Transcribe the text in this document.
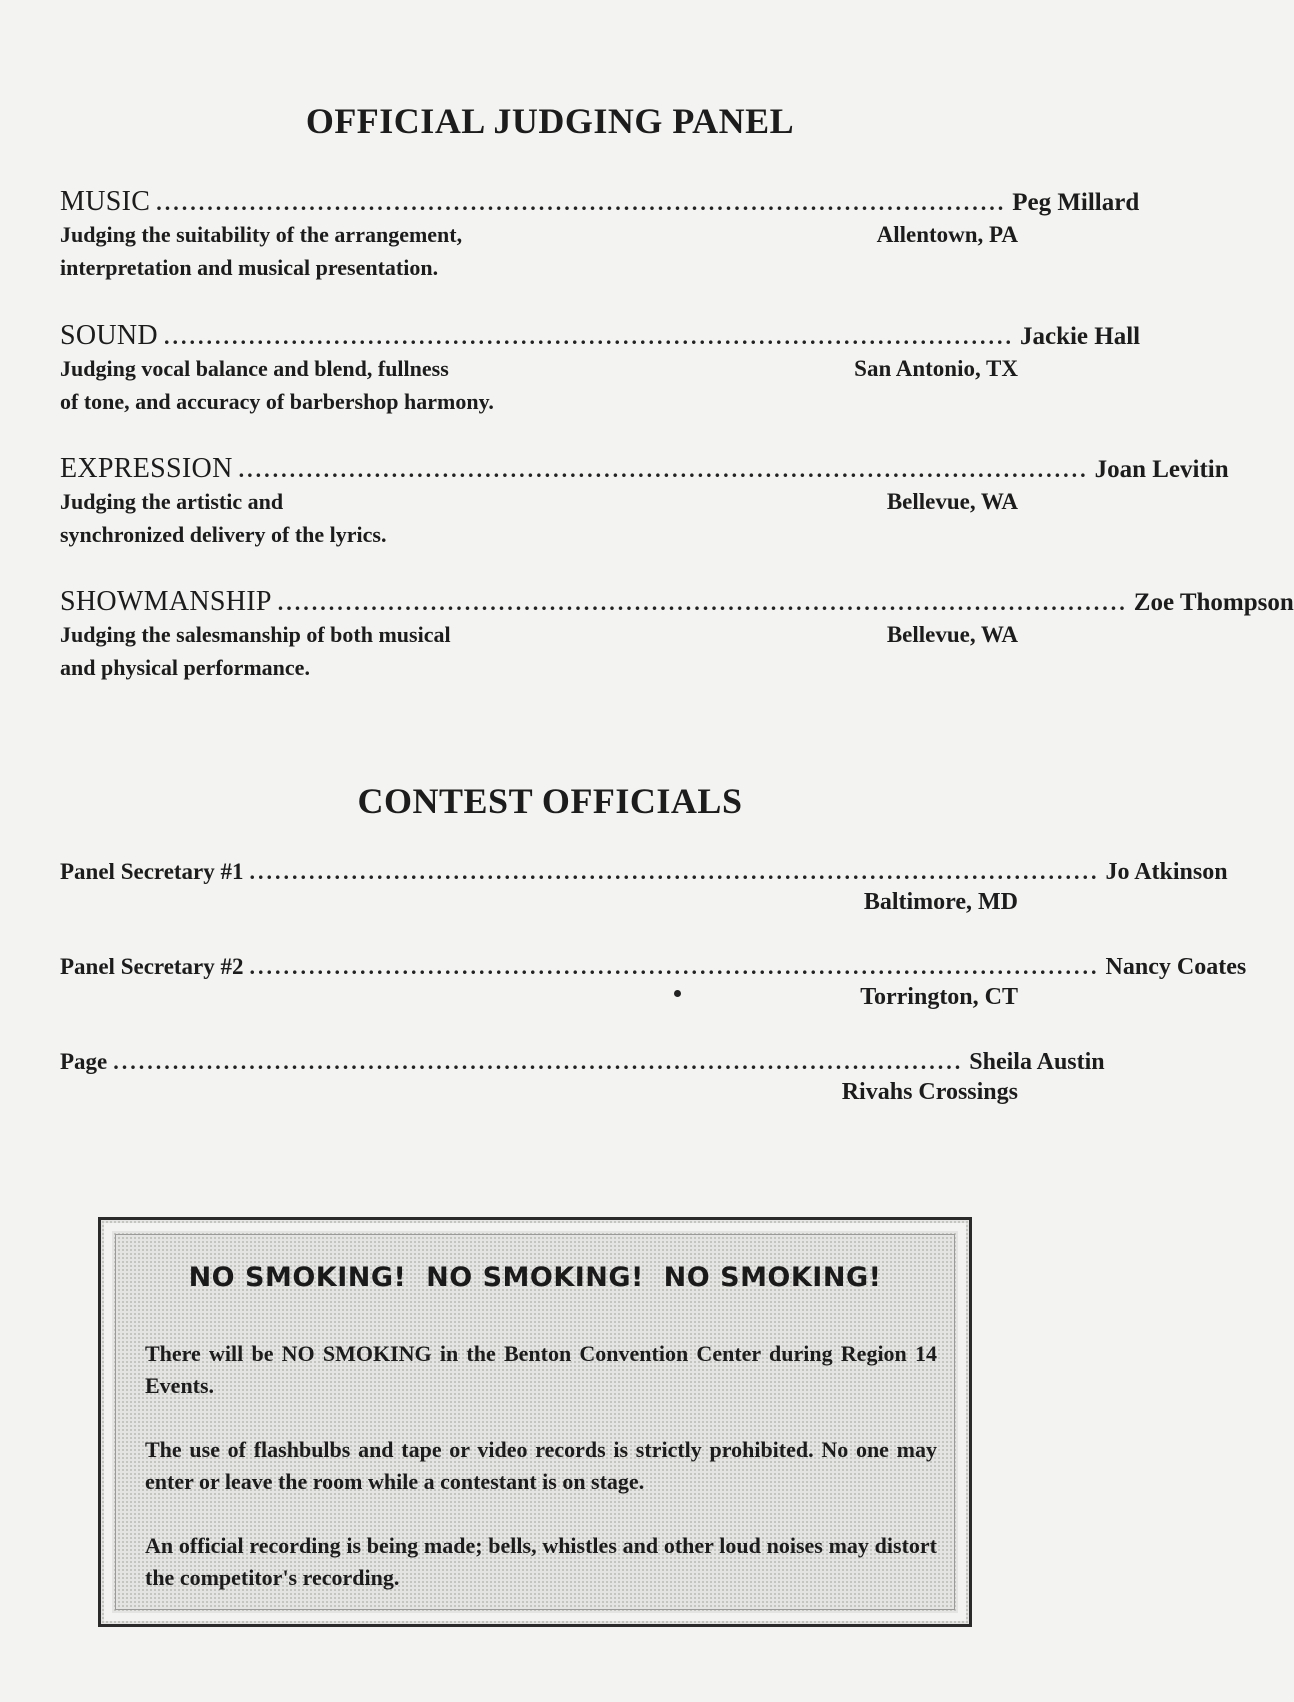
OFFICIAL JUDGING PANEL
MUSIC .................................................................................................... Peg Millard
Judging the suitability of the arrangement,
interpretation and musical presentation.
Allentown, PA
SOUND .................................................................................................... Jackie Hall
Judging vocal balance and blend, fullness
of tone, and accuracy of barbershop harmony.
San Antonio, TX
EXPRESSION .................................................................................................... Joan Levitin
Judging the artistic and
synchronized delivery of the lyrics.
Bellevue, WA
SHOWMANSHIP .................................................................................................... Zoe Thompson
Judging the salesmanship of both musical
and physical performance.
Bellevue, WA
CONTEST OFFICIALS
Panel Secretary #1 .................................................................................................... Jo Atkinson
Baltimore, MD
Panel Secretary #2 .................................................................................................... Nancy Coates
Torrington, CT
Page .................................................................................................... Sheila Austin
Rivahs Crossings
NO SMOKING!  NO SMOKING!  NO SMOKING!
There will be NO SMOKING in the Benton Convention Center during Region 14 Events.
The use of flashbulbs and tape or video records is strictly prohibited. No one may enter or leave the room while a contestant is on stage.
An official recording is being made; bells, whistles and other loud noises may distort the competitor's recording.
